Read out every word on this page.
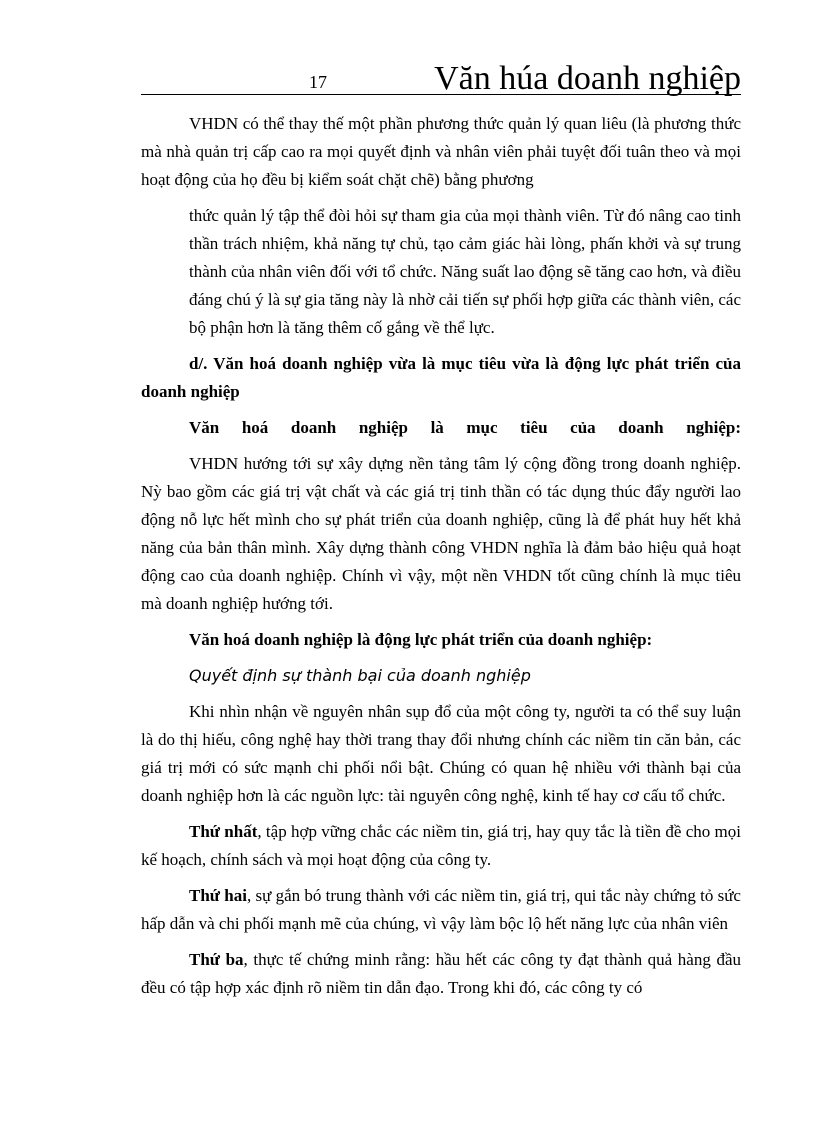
17	Văn húa doanh nghiệp

VHDN có thể thay thế một phần phương thức quản lý quan liêu (là phương thức mà nhà quản trị cấp cao ra mọi quyết định và nhân viên phải tuyệt đối tuân theo và mọi hoạt động của họ đều bị kiểm soát chặt chẽ) bằng phương

thức quản lý tập thể đòi hỏi sự tham gia của mọi thành viên. Từ đó nâng cao tinh thần trách nhiệm, khả năng tự chủ, tạo cảm giác hài lòng, phấn khởi và sự trung thành của nhân viên đối với tổ chức. Năng suất lao động sẽ tăng cao hơn, và điều đáng chú ý là sự gia tăng này là nhờ cải tiến sự phối hợp giữa các thành viên, các bộ phận hơn là tăng thêm cố gắng về thể lực.

d/. Văn hoá doanh nghiệp vừa là mục tiêu vừa là động lực phát triển của doanh nghiệp

Văn hoá doanh nghiệp là mục tiêu của doanh nghiệp:

VHDN hướng tới sự xây dựng nền tảng tâm lý cộng đồng trong doanh nghiệp. Nỳ bao gồm các giá trị vật chất và các giá trị tinh thần có tác dụng thúc đẩy người lao động nỗ lực hết mình cho sự phát triển của doanh nghiệp, cũng là để phát huy hết khả năng của bản thân mình. Xây dựng thành công VHDN nghĩa là đảm bảo hiệu quả hoạt động cao của doanh nghiệp. Chính vì vậy, một nền VHDN tốt cũng chính là mục tiêu mà doanh nghiệp hướng tới.

Văn hoá doanh nghiệp là động lực phát triển của doanh nghiệp:

Quyết định sự thành bại của doanh nghiệp

Khi nhìn nhận về nguyên nhân sụp đổ của một công ty, người ta có thể suy luận là do thị hiếu, công nghệ hay thời trang thay đổi nhưng chính các niềm tin căn bản, các giá trị mới có sức mạnh chi phối nổi bật. Chúng có quan hệ nhiều với thành bại của doanh nghiệp hơn là các nguồn lực: tài nguyên công nghệ, kinh tế hay cơ cấu tổ chức.

Thứ nhất, tập hợp vững chắc các niềm tin, giá trị, hay quy tắc là tiền đề cho mọi kế hoạch, chính sách và mọi hoạt động của công ty.

Thứ hai, sự gắn bó trung thành với các niềm tin, giá trị, qui tắc này chứng tỏ sức hấp dẫn và chi phối mạnh mẽ của chúng, vì vậy làm bộc lộ hết năng lực của nhân viên

Thứ ba, thực tế chứng minh rằng: hầu hết các công ty đạt thành quả hàng đầu đều có tập hợp xác định rõ niềm tin dẫn đạo. Trong khi đó, các công ty có
